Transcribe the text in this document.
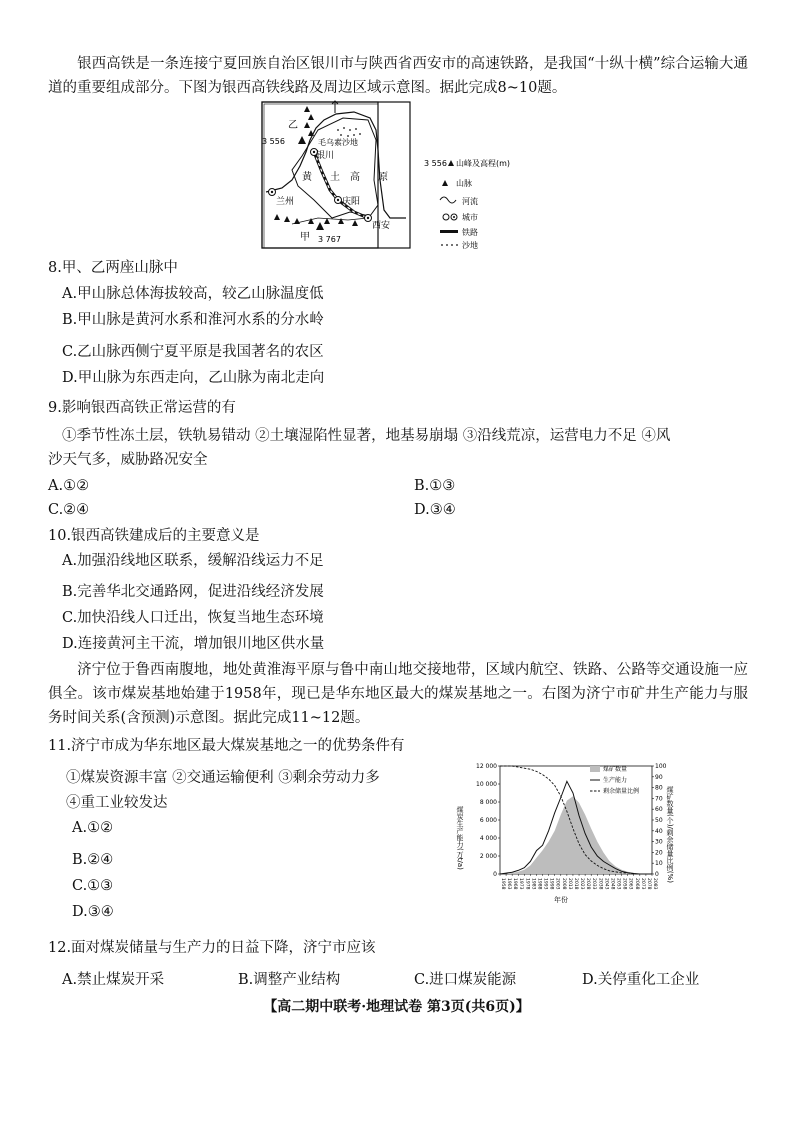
银西高铁是一条连接宁夏回族自治区银川市与陕西省西安市的高速铁路，是我国“十纵十横”综合运输大通道的重要组成部分。下图为银西高铁线路及周边区域示意图。据此完成8~10题。
乙
3 556	毛乌素沙地
银川
黄 土 高 原
庆阳
兰州
西安
甲 3 767
3 556 山峰及高程(m)
山脉
河流
城市
铁路
沙地
8.甲、乙两座山脉中
A.甲山脉总体海拔较高，较乙山脉温度低
B.甲山脉是黄河水系和淮河水系的分水岭
C.乙山脉西侧宁夏平原是我国著名的农区
D.甲山脉为东西走向，乙山脉为南北走向
9.影响银西高铁正常运营的有
①季节性冻土层，铁轨易错动 ②土壤湿陷性显著，地基易崩塌 ③沿线荒凉，运营电力不足 ④风
沙天气多，威胁路况安全
A.①②	B.①③
C.②④	D.③④
10.银西高铁建成后的主要意义是
A.加强沿线地区联系，缓解沿线运力不足
B.完善华北交通路网，促进沿线经济发展
C.加快沿线人口迁出，恢复当地生态环境
D.连接黄河主干流，增加银川地区供水量
济宁位于鲁西南腹地，地处黄淮海平原与鲁中南山地交接地带，区域内航空、铁路、公路等交通设施一应俱全。该市煤炭基地始建于1958年，现已是华东地区最大的煤炭基地之一。右图为济宁市矿井生产能力与服务时间关系(含预测)示意图。据此完成11~12题。
11.济宁市成为华东地区最大煤炭基地之一的优势条件有
①煤炭资源丰富 ②交通运输便利 ③剩余劳动力多
④重工业较发达
A.①②
B.②④
C.①③
D.③④
煤炭生产能力(万t/a)	煤矿数量(个)/剩余储量比例(%)
年份
0
2 000
4 000
6 000
8 000
10 000
12 000
0
10
20
30
40
50
60
70
80
90
100
1958 1963 1968 1973 1978 1983 1988 1993 1998 2003 2008 2013 2018 2023 2028 2033 2038 2043 2048 2053 2058 2063 2068 2073 2078 2083
煤矿数量
生产能力
剩余储量比例
12.面对煤炭储量与生产力的日益下降，济宁市应该
A.禁止煤炭开采	B.调整产业结构	C.进口煤炭能源	D.关停重化工企业
【高二期中联考·地理试卷 第3页(共6页)】
